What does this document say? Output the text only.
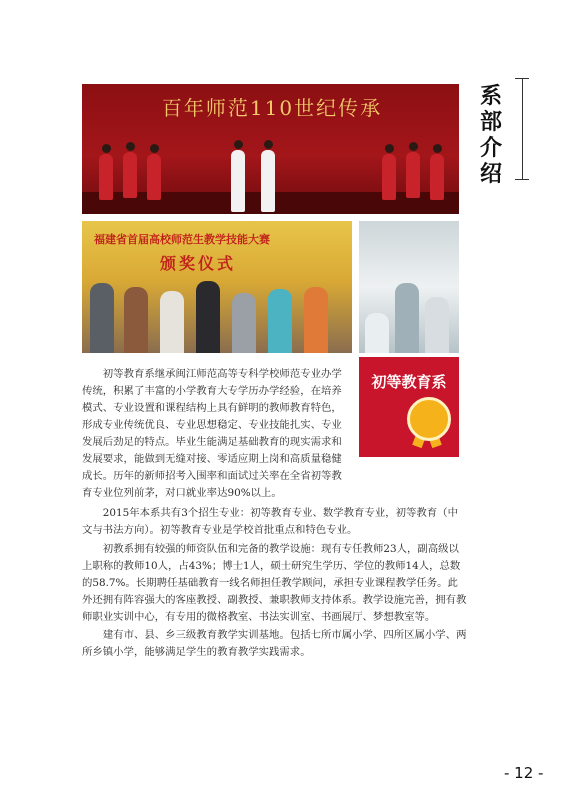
系部介绍
百年师范110世纪传承
福建省首届高校师范生教学技能大赛
颁奖仪式
初等教育系

初等教育系继承闽江师范高等专科学校师范专业办学传统，积累了丰富的小学教育大专学历办学经验，在培养模式、专业设置和课程结构上具有鲜明的教师教育特色，形成专业传统优良、专业思想稳定、专业技能扎实、专业发展后劲足的特点。毕业生能满足基础教育的现实需求和发展要求，能做到无缝对接、零适应期上岗和高质量稳健成长。历年的新师招考入围率和面试过关率在全省初等教育专业位列前茅，对口就业率达90%以上。

2015年本系共有3个招生专业：初等教育专业、数学教育专业，初等教育（中文与书法方向）。初等教育专业是学校首批重点和特色专业。

初教系拥有较强的师资队伍和完备的教学设施：现有专任教师23人，副高级以上职称的教师10人，占43%；博士1人，硕士研究生学历、学位的教师14人，总数的58.7%。长期聘任基础教育一线名师担任教学顾问，承担专业课程教学任务。此外还拥有阵容强大的客座教授、副教授、兼职教师支持体系。教学设施完善，拥有教师职业实训中心，有专用的微格教室、书法实训室、书画展厅、梦想教室等。

建有市、县、乡三级教育教学实训基地。包括七所市属小学、四所区属小学、两所乡镇小学，能够满足学生的教育教学实践需求。

- 12 -
